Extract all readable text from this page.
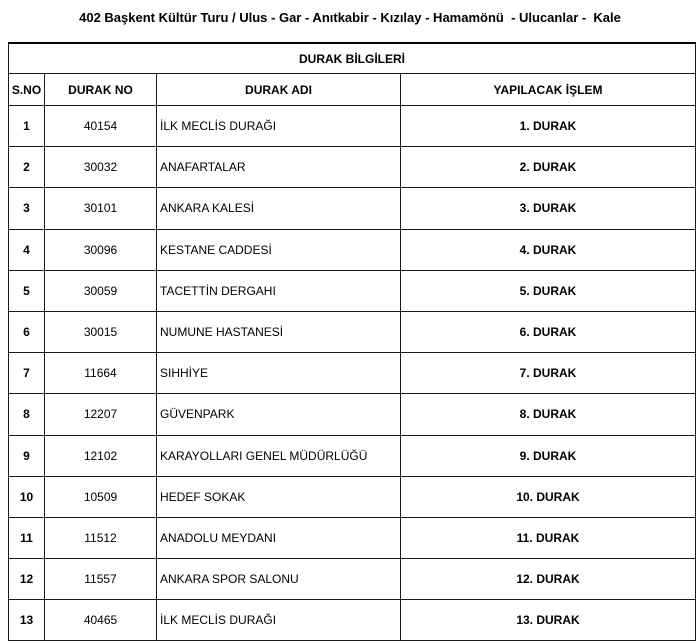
402 Başkent Kültür Turu / Ulus - Gar - Anıtkabir - Kızılay - Hamamönü  - Ulucanlar -  Kale
DURAK BİLGİLERİ			
S.NO	DURAK NO	DURAK ADI	YAPILACAK İŞLEM
1	40154	İLK MECLİS DURAĞI	1. DURAK
2	30032	ANAFARTALAR	2. DURAK
3	30101	ANKARA KALESİ	3. DURAK
4	30096	KESTANE CADDESİ	4. DURAK
5	30059	TACETTİN DERGAHI	5. DURAK
6	30015	NUMUNE HASTANESİ	6. DURAK
7	11664	SIHHİYE	7. DURAK
8	12207	GÜVENPARK	8. DURAK
9	12102	KARAYOLLARI GENEL MÜDÜRLÜĞÜ	9. DURAK
10	10509	HEDEF SOKAK	10. DURAK
11	11512	ANADOLU MEYDANI	11. DURAK
12	11557	ANKARA SPOR SALONU	12. DURAK
13	40465	İLK MECLİS DURAĞI	13. DURAK
